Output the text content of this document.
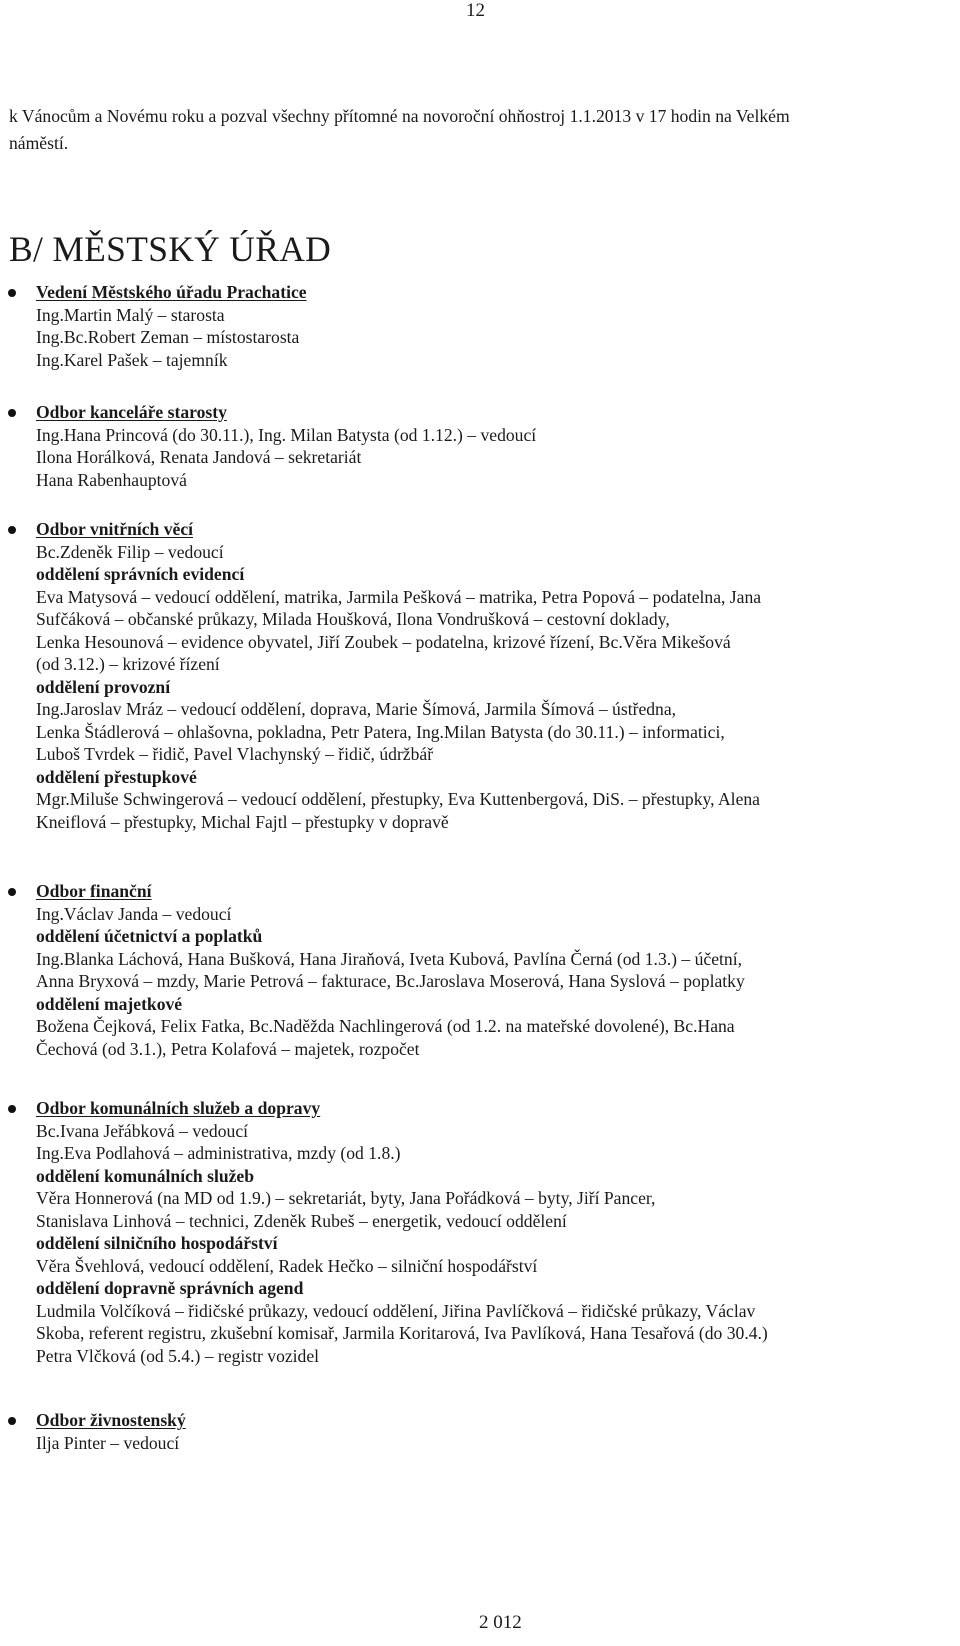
12
k Vánocům a Novému roku a pozval všechny přítomné na novoroční ohňostroj 1.1.2013 v 17 hodin na Velkém
náměstí.
B/ MĚSTSKÝ ÚŘAD
Vedení Městského úřadu Prachatice
Ing.Martin Malý – starosta
Ing.Bc.Robert Zeman – místostarosta
Ing.Karel Pašek – tajemník
Odbor kanceláře starosty
Ing.Hana Princová (do 30.11.), Ing. Milan Batysta (od 1.12.) – vedoucí
Ilona Horálková, Renata Jandová – sekretariát
Hana Rabenhauptová
Odbor vnitřních věcí
Bc.Zdeněk Filip – vedoucí
oddělení správních evidencí
Eva Matysová – vedoucí oddělení, matrika, Jarmila Pešková – matrika, Petra Popová – podatelna, Jana
Sufčáková – občanské průkazy, Milada Houšková, Ilona Vondrušková – cestovní doklady,
Lenka Hesounová – evidence obyvatel, Jiří Zoubek – podatelna, krizové řízení, Bc.Věra Mikešová
(od 3.12.) – krizové řízení
oddělení provozní
Ing.Jaroslav Mráz – vedoucí oddělení, doprava, Marie Šímová, Jarmila Šímová – ústředna,
Lenka Štádlerová – ohlašovna, pokladna, Petr Patera, Ing.Milan Batysta (do 30.11.) – informatici,
Luboš Tvrdek – řidič, Pavel Vlachynský – řidič, údržbář
oddělení přestupkové
Mgr.Miluše Schwingerová – vedoucí oddělení, přestupky, Eva Kuttenbergová, DiS. – přestupky, Alena
Kneiflová – přestupky, Michal Fajtl – přestupky v dopravě
Odbor finanční
Ing.Václav Janda – vedoucí
oddělení účetnictví a poplatků
Ing.Blanka Láchová, Hana Bušková, Hana Jiraňová, Iveta Kubová, Pavlína Černá (od 1.3.) – účetní,
Anna Bryxová – mzdy, Marie Petrová – fakturace, Bc.Jaroslava Moserová, Hana Syslová – poplatky
oddělení majetkové
Božena Čejková, Felix Fatka, Bc.Naděžda Nachlingerová (od 1.2. na mateřské dovolené), Bc.Hana
Čechová (od 3.1.), Petra Kolafová – majetek, rozpočet
Odbor komunálních služeb a dopravy
Bc.Ivana Jeřábková – vedoucí
Ing.Eva Podlahová – administrativa, mzdy (od 1.8.)
oddělení komunálních služeb
Věra Honnerová (na MD od 1.9.) – sekretariát, byty, Jana Pořádková – byty, Jiří Pancer,
Stanislava Linhová – technici, Zdeněk Rubeš – energetik, vedoucí oddělení
oddělení silničního hospodářství
Věra Švehlová, vedoucí oddělení, Radek Hečko – silniční hospodářství
oddělení dopravně správních agend
Ludmila Volčíková – řidičské průkazy, vedoucí oddělení, Jiřina Pavlíčková – řidičské průkazy, Václav
Skoba, referent registru, zkušební komisař, Jarmila Koritarová, Iva Pavlíková, Hana Tesařová (do 30.4.)
Petra Vlčková (od 5.4.) – registr vozidel
Odbor živnostenský
Ilja Pinter – vedoucí
2 012
